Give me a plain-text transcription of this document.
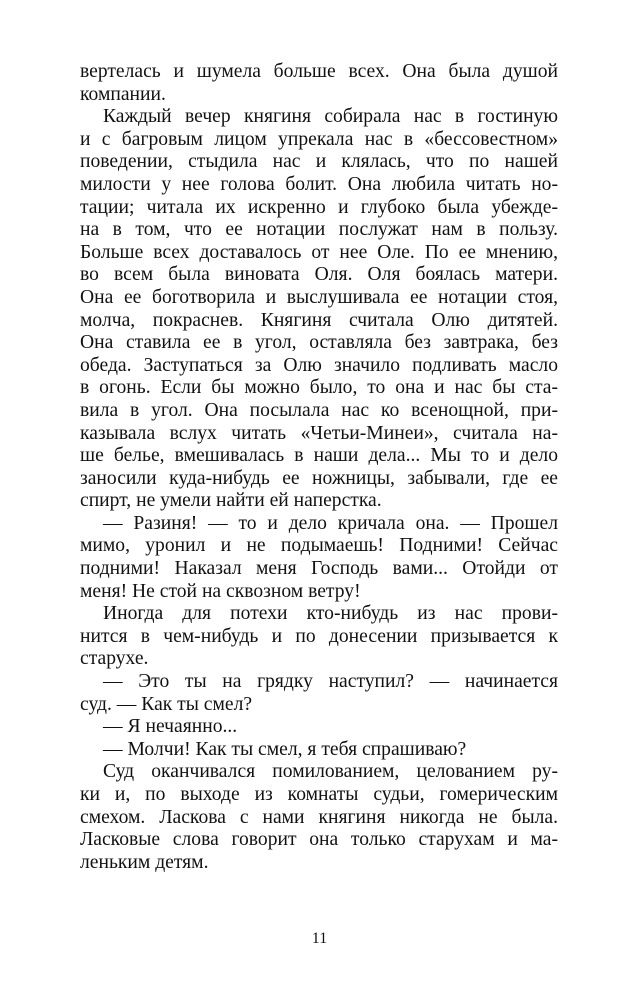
вертелась и шумела больше всех. Она была душой
компании.
Каждый вечер княгиня собирала нас в гостиную
и с багровым лицом упрекала нас в «бессовестном»
поведении, стыдила нас и клялась, что по нашей
милости у нее голова болит. Она любила читать но-
тации; читала их искренно и глубоко была убежде-
на в том, что ее нотации послужат нам в пользу.
Больше всех доставалось от нее Оле. По ее мнению,
во всем была виновата Оля. Оля боялась матери.
Она ее боготворила и выслушивала ее нотации стоя,
молча, покраснев. Княгиня считала Олю дитятей.
Она ставила ее в угол, оставляла без завтрака, без
обеда. Заступаться за Олю значило подливать масло
в огонь. Если бы можно было, то она и нас бы ста-
вила в угол. Она посылала нас ко всенощной, при-
казывала вслух читать «Четьи-Минеи», считала на-
ше белье, вмешивалась в наши дела... Мы то и дело
заносили куда-нибудь ее ножницы, забывали, где ее
спирт, не умели найти ей наперстка.
— Разиня! — то и дело кричала она. — Прошел
мимо, уронил и не подымаешь! Подними! Сейчас
подними! Наказал меня Господь вами... Отойди от
меня! Не стой на сквозном ветру!
Иногда для потехи кто-нибудь из нас прови-
нится в чем-нибудь и по донесении призывается к
старухе.
— Это ты на грядку наступил? — начинается
суд. — Как ты смел?
— Я нечаянно...
— Молчи! Как ты смел, я тебя спрашиваю?
Суд оканчивался помилованием, целованием ру-
ки и, по выходе из комнаты судьи, гомерическим
смехом. Ласкова с нами княгиня никогда не была.
Ласковые слова говорит она только старухам и ма-
леньким детям.
11
